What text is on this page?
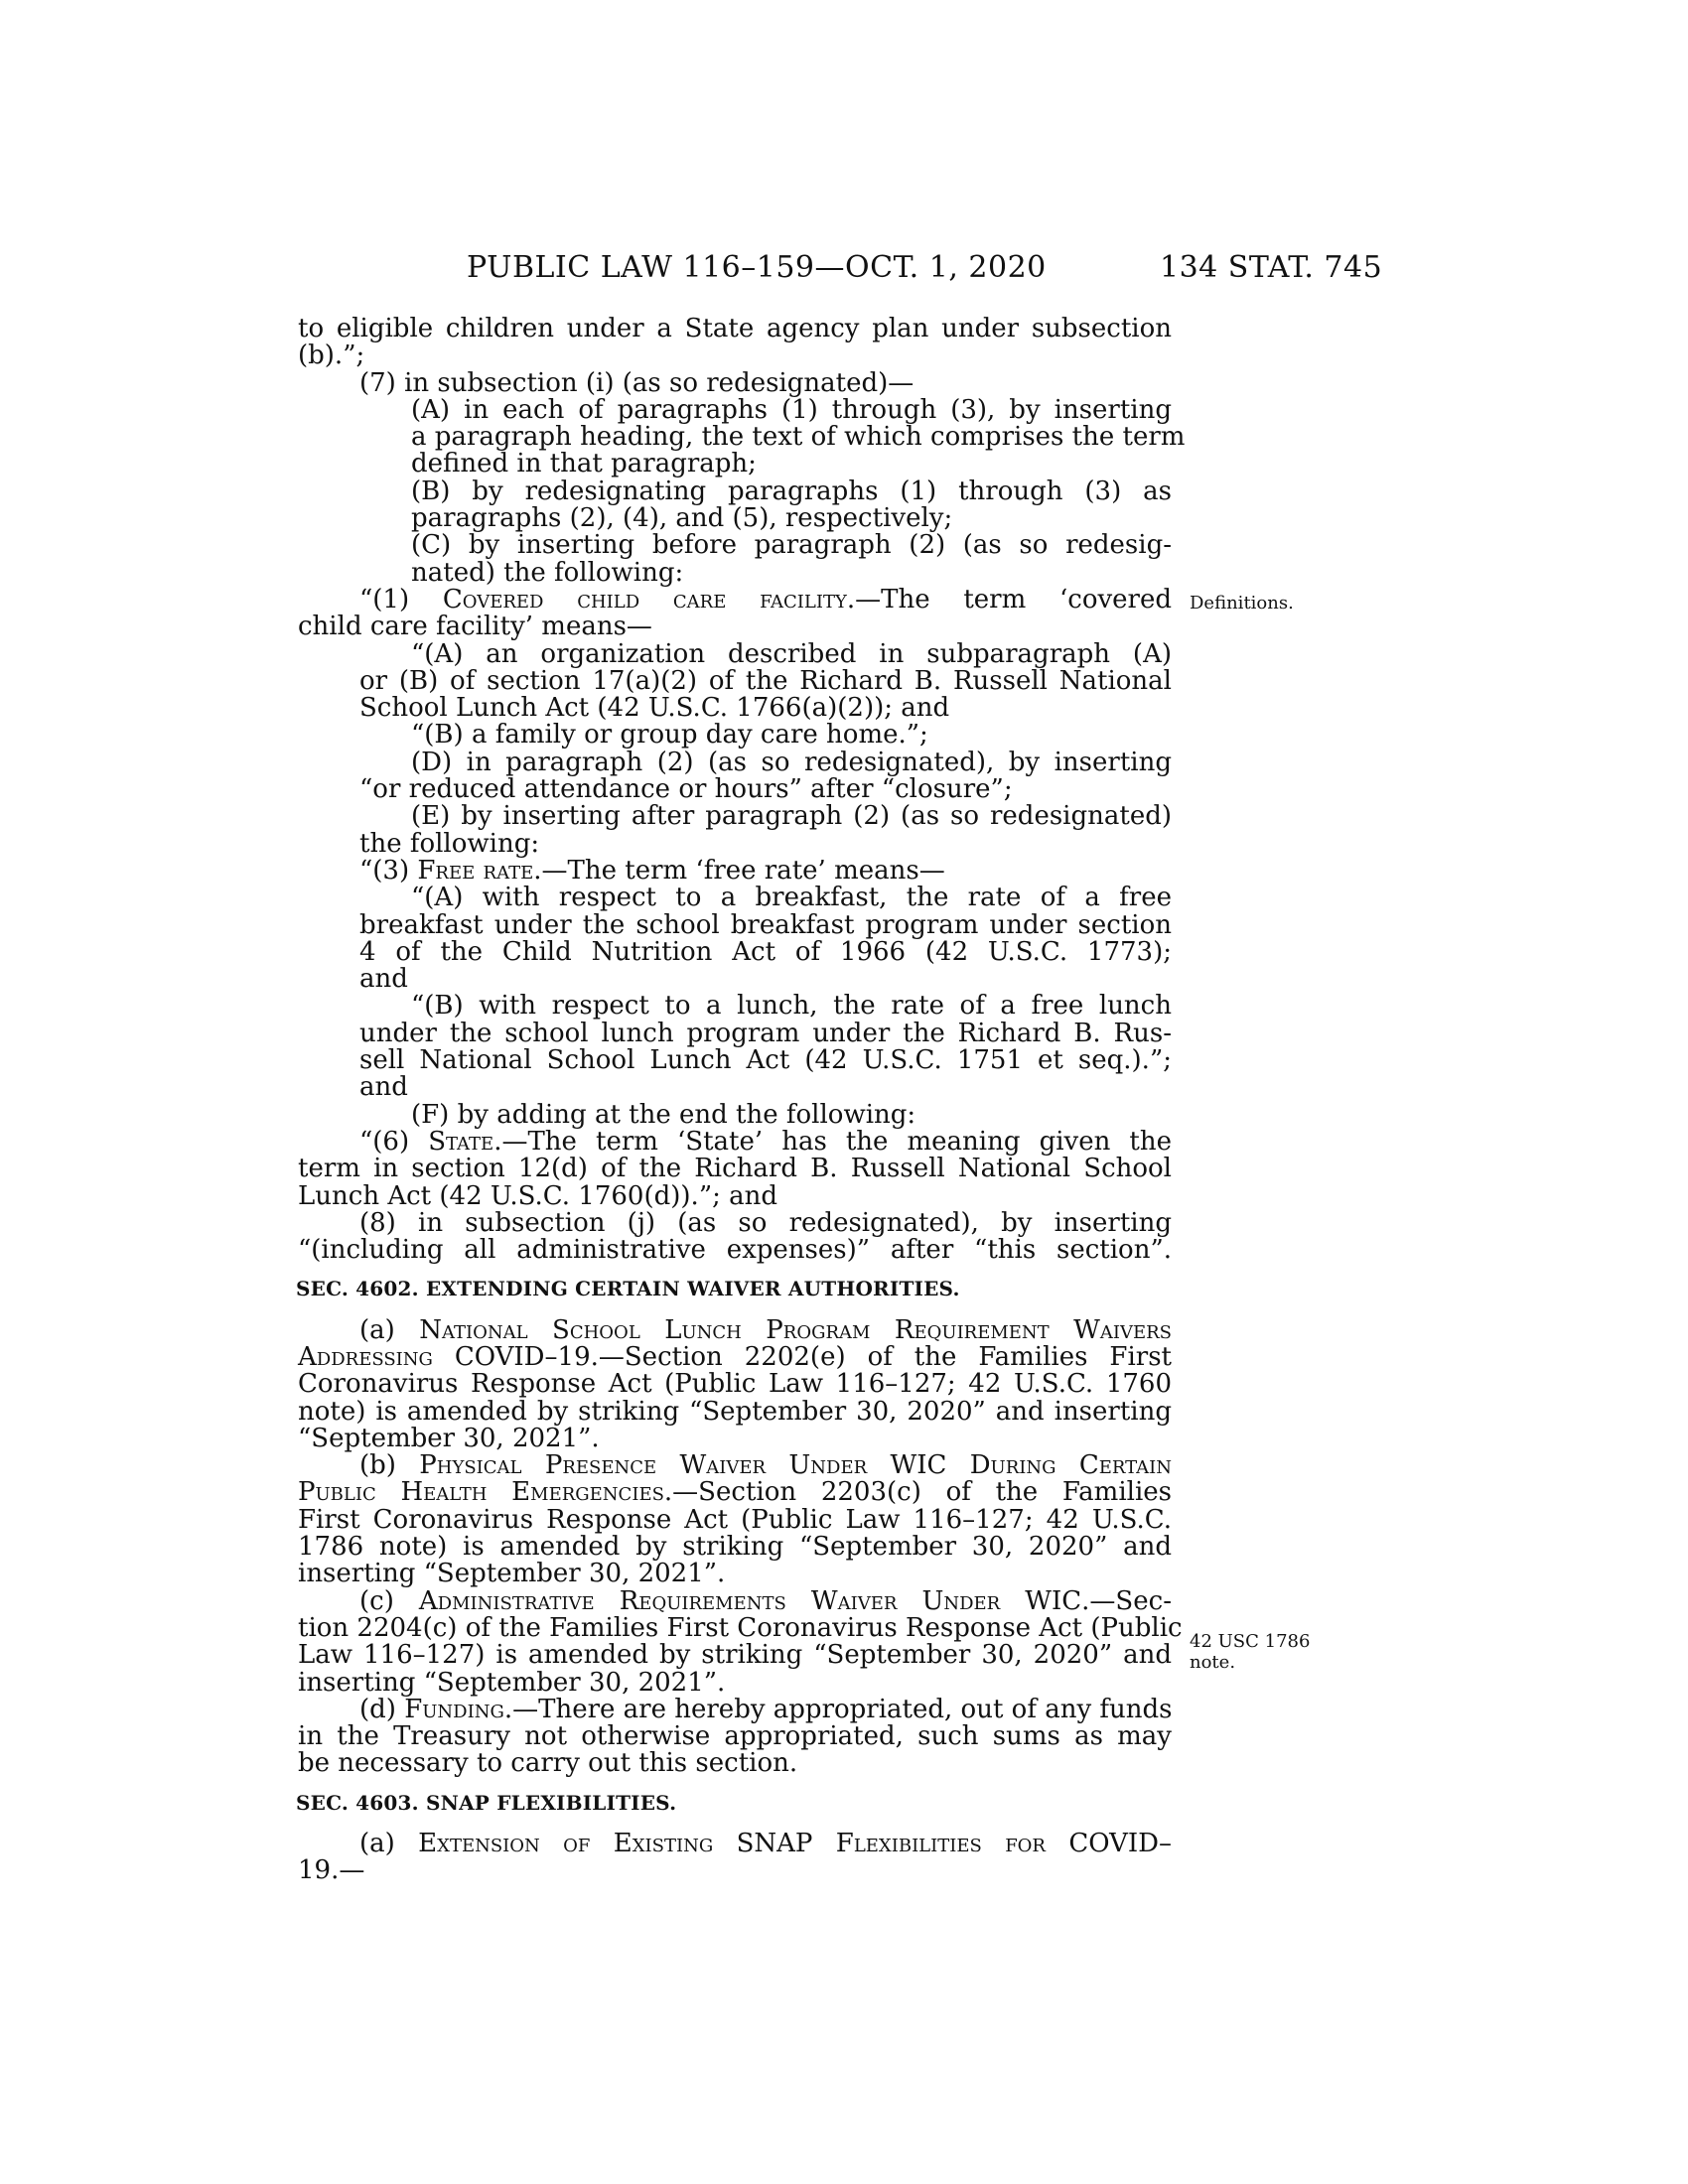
PUBLIC LAW 116–159—OCT. 1, 2020	134 STAT. 745
Definitions.
42 USC 1786
note.
to eligible children under a State agency plan under subsection
(b).”;
(7) in subsection (i) (as so redesignated)—
(A) in each of paragraphs (1) through (3), by inserting
a paragraph heading, the text of which comprises the term
defined in that paragraph;
(B) by redesignating paragraphs (1) through (3) as
paragraphs (2), (4), and (5), respectively;
(C) by inserting before paragraph (2) (as so redesig-
nated) the following:
“(1) Covered child care facility.—The term ‘covered
child care facility’ means—
“(A) an organization described in subparagraph (A)
or (B) of section 17(a)(2) of the Richard B. Russell National
School Lunch Act (42 U.S.C. 1766(a)(2)); and
“(B) a family or group day care home.”;
(D) in paragraph (2) (as so redesignated), by inserting
“or reduced attendance or hours” after “closure”;
(E) by inserting after paragraph (2) (as so redesignated)
the following:
“(3) Free rate.—The term ‘free rate’ means—
“(A) with respect to a breakfast, the rate of a free
breakfast under the school breakfast program under section
4 of the Child Nutrition Act of 1966 (42 U.S.C. 1773);
and
“(B) with respect to a lunch, the rate of a free lunch
under the school lunch program under the Richard B. Rus-
sell National School Lunch Act (42 U.S.C. 1751 et seq.).”;
and
(F) by adding at the end the following:
“(6) State.—The term ‘State’ has the meaning given the
term in section 12(d) of the Richard B. Russell National School
Lunch Act (42 U.S.C. 1760(d)).”; and
(8) in subsection (j) (as so redesignated), by inserting
“(including all administrative expenses)” after “this section”.
SEC. 4602. EXTENDING CERTAIN WAIVER AUTHORITIES.
(a) National School Lunch Program Requirement Waivers
Addressing COVID–19.—Section 2202(e) of the Families First
Coronavirus Response Act (Public Law 116–127; 42 U.S.C. 1760
note) is amended by striking “September 30, 2020” and inserting
“September 30, 2021”.
(b) Physical Presence Waiver Under WIC During Certain
Public Health Emergencies.—Section 2203(c) of the Families
First Coronavirus Response Act (Public Law 116–127; 42 U.S.C.
1786 note) is amended by striking “September 30, 2020” and
inserting “September 30, 2021”.
(c) Administrative Requirements Waiver Under WIC.—Sec-
tion 2204(c) of the Families First Coronavirus Response Act (Public
Law 116–127) is amended by striking “September 30, 2020” and
inserting “September 30, 2021”.
(d) Funding.—There are hereby appropriated, out of any funds
in the Treasury not otherwise appropriated, such sums as may
be necessary to carry out this section.
SEC. 4603. SNAP FLEXIBILITIES.
(a) Extension of Existing SNAP Flexibilities for COVID–
19.—
